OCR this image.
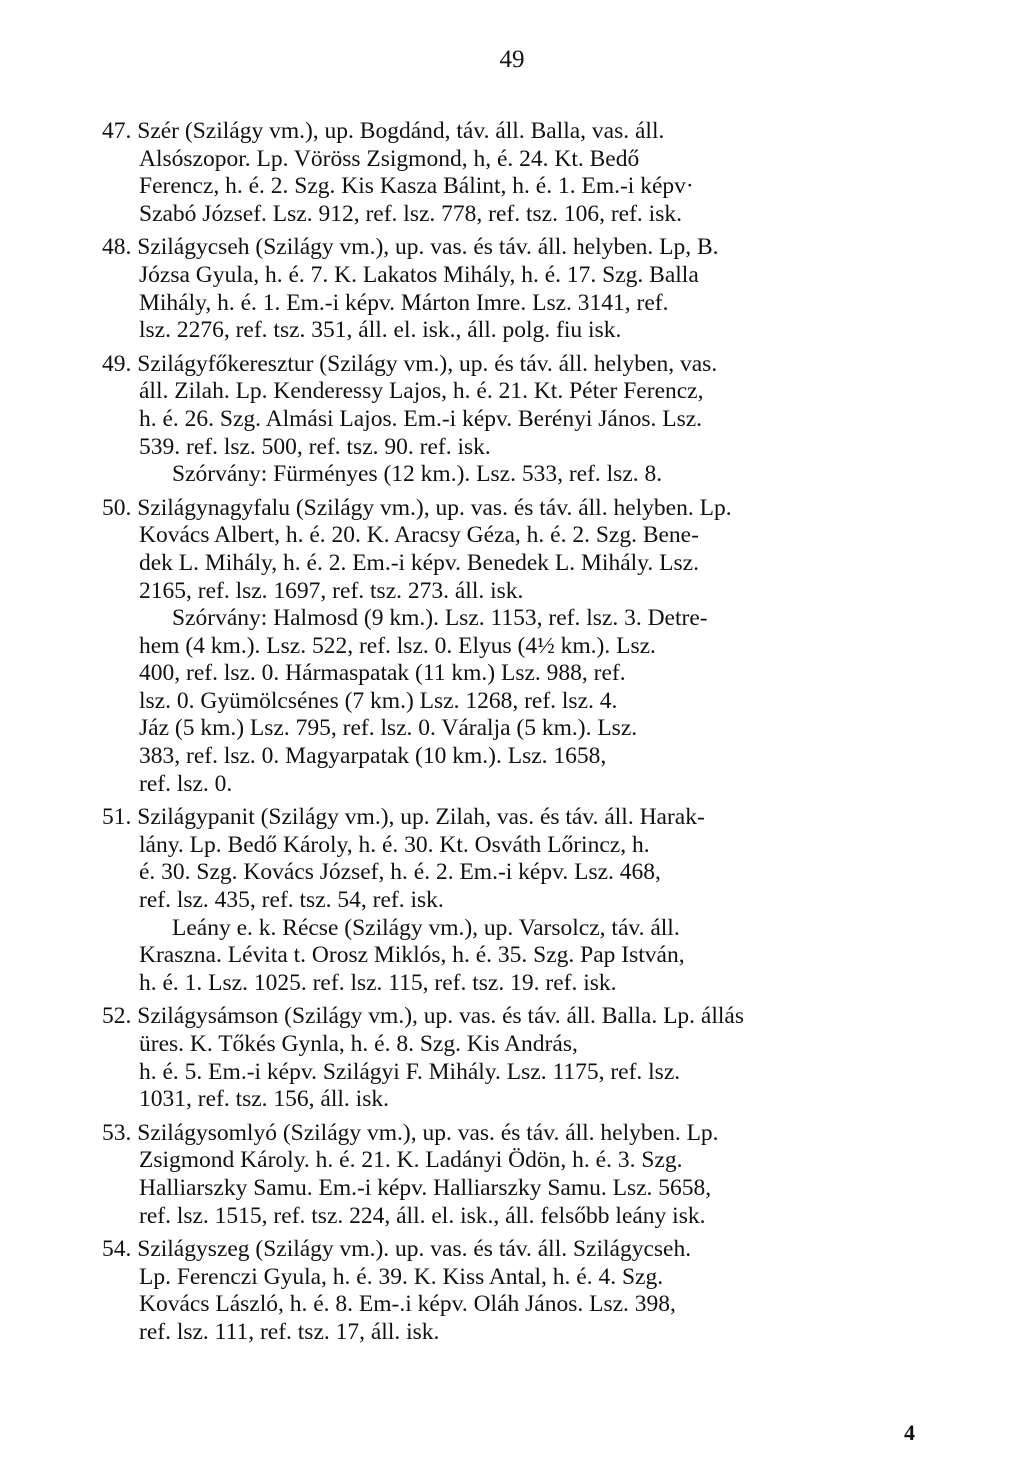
49
47. Szér (Szilágy vm.), up. Bogdánd, táv. áll. Balla, vas. áll.
Alsószopor. Lp. Vöröss Zsigmond, h, é. 24. Kt. Bedő
Ferencz, h. é. 2. Szg. Kis Kasza Bálint, h. é. 1. Em.-i képv·
Szabó József. Lsz. 912, ref. lsz. 778, ref. tsz. 106, ref. isk.
48. Szilágycseh (Szilágy vm.), up. vas. és táv. áll. helyben. Lp, B.
Józsa Gyula, h. é. 7. K. Lakatos Mihály, h. é. 17. Szg. Balla
Mihály, h. é. 1. Em.-i képv. Márton Imre. Lsz. 3141, ref.
lsz. 2276, ref. tsz. 351, áll. el. isk., áll. polg. fiu isk.
49. Szilágyfőkeresztur (Szilágy vm.), up. és táv. áll. helyben, vas.
áll. Zilah. Lp. Kenderessy Lajos, h. é. 21. Kt. Péter Ferencz,
h. é. 26. Szg. Almási Lajos. Em.-i képv. Berényi János. Lsz.
539. ref. lsz. 500, ref. tsz. 90. ref. isk.
Szórvány: Fürményes (12 km.). Lsz. 533, ref. lsz. 8.
50. Szilágynagyfalu (Szilágy vm.), up. vas. és táv. áll. helyben. Lp.
Kovács Albert, h. é. 20. K. Aracsy Géza, h. é. 2. Szg. Bene-
dek L. Mihály, h. é. 2. Em.-i képv. Benedek L. Mihály. Lsz.
2165, ref. lsz. 1697, ref. tsz. 273. áll. isk.
Szórvány: Halmosd (9 km.). Lsz. 1153, ref. lsz. 3. Detre-
hem (4 km.). Lsz. 522, ref. lsz. 0. Elyus (4½ km.). Lsz.
400, ref. lsz. 0. Hármaspatak (11 km.) Lsz. 988, ref.
lsz. 0. Gyümölcsénes (7 km.) Lsz. 1268, ref. lsz. 4.
Jáz (5 km.) Lsz. 795, ref. lsz. 0. Váralja (5 km.). Lsz.
383, ref. lsz. 0. Magyarpatak (10 km.). Lsz. 1658,
ref. lsz. 0.
51. Szilágypanit (Szilágy vm.), up. Zilah, vas. és táv. áll. Harak-
lány. Lp. Bedő Károly, h. é. 30. Kt. Osváth Lőrincz, h.
é. 30. Szg. Kovács József, h. é. 2. Em.-i képv. Lsz. 468,
ref. lsz. 435, ref. tsz. 54, ref. isk.
Leány e. k. Récse (Szilágy vm.), up. Varsolcz, táv. áll.
Kraszna. Lévita t. Orosz Miklós, h. é. 35. Szg. Pap István,
h. é. 1. Lsz. 1025. ref. lsz. 115, ref. tsz. 19. ref. isk.
52. Szilágysámson (Szilágy vm.), up. vas. és táv. áll. Balla. Lp. állás
üres. K. Tőkés Gynla, h. é. 8. Szg. Kis András,
h. é. 5. Em.-i képv. Szilágyi F. Mihály. Lsz. 1175, ref. lsz.
1031, ref. tsz. 156, áll. isk.
53. Szilágysomlyó (Szilágy vm.), up. vas. és táv. áll. helyben. Lp.
Zsigmond Károly. h. é. 21. K. Ladányi Ödön, h. é. 3. Szg.
Halliarszky Samu. Em.-i képv. Halliarszky Samu. Lsz. 5658,
ref. lsz. 1515, ref. tsz. 224, áll. el. isk., áll. felsőbb leány isk.
54. Szilágyszeg (Szilágy vm.). up. vas. és táv. áll. Szilágycseh.
Lp. Ferenczi Gyula, h. é. 39. K. Kiss Antal, h. é. 4. Szg.
Kovács László, h. é. 8. Em-.i képv. Oláh János. Lsz. 398,
ref. lsz. 111, ref. tsz. 17, áll. isk.
4
